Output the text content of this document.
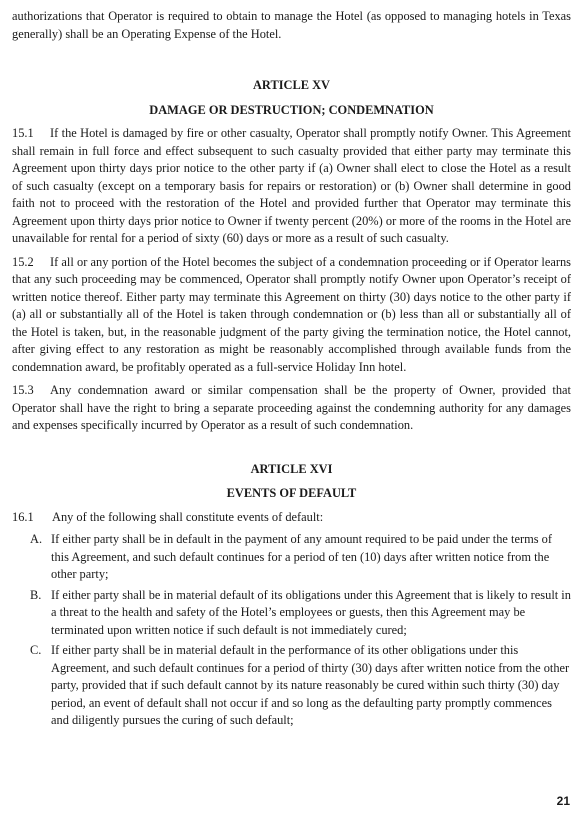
authorizations that Operator is required to obtain to manage the Hotel (as opposed to managing hotels in Texas generally) shall be an Operating Expense of the Hotel.

ARTICLE XV
DAMAGE OR DESTRUCTION; CONDEMNATION

15.1 If the Hotel is damaged by fire or other casualty, Operator shall promptly notify Owner. This Agreement shall remain in full force and effect subsequent to such casualty provided that either party may terminate this Agreement upon thirty days prior notice to the other party if (a) Owner shall elect to close the Hotel as a result of such casualty (except on a temporary basis for repairs or restoration) or (b) Owner shall determine in good faith not to proceed with the restoration of the Hotel and provided further that Operator may terminate this Agreement upon thirty days prior notice to Owner if twenty percent (20%) or more of the rooms in the Hotel are unavailable for rental for a period of sixty (60) days or more as a result of such casualty.

15.2 If all or any portion of the Hotel becomes the subject of a condemnation proceeding or if Operator learns that any such proceeding may be commenced, Operator shall promptly notify Owner upon Operator’s receipt of written notice thereof. Either party may terminate this Agreement on thirty (30) days notice to the other party if (a) all or substantially all of the Hotel is taken through condemnation or (b) less than all or substantially all of the Hotel is taken, but, in the reasonable judgment of the party giving the termination notice, the Hotel cannot, after giving effect to any restoration as might be reasonably accomplished through available funds from the condemnation award, be profitably operated as a full-service Holiday Inn hotel.

15.3 Any condemnation award or similar compensation shall be the property of Owner, provided that Operator shall have the right to bring a separate proceeding against the condemning authority for any damages and expenses specifically incurred by Operator as a result of such condemnation.

ARTICLE XVI
EVENTS OF DEFAULT
16.1	Any of the following shall constitute events of default:
A. If either party shall be in default in the payment of any amount required to be paid under the terms of this Agreement, and such default continues for a period of ten (10) days after written notice from the other party;
B. If either party shall be in material default of its obligations under this Agreement that is likely to result in a threat to the health and safety of the Hotel’s employees or guests, then this Agreement may be terminated upon written notice if such default is not immediately cured;
C. If either party shall be in material default in the performance of its other obligations under this Agreement, and such default continues for a period of thirty (30) days after written notice from the other party, provided that if such default cannot by its nature reasonably be cured within such thirty (30) day period, an event of default shall not occur if and so long as the defaulting party promptly commences and diligently pursues the curing of such default;
21
